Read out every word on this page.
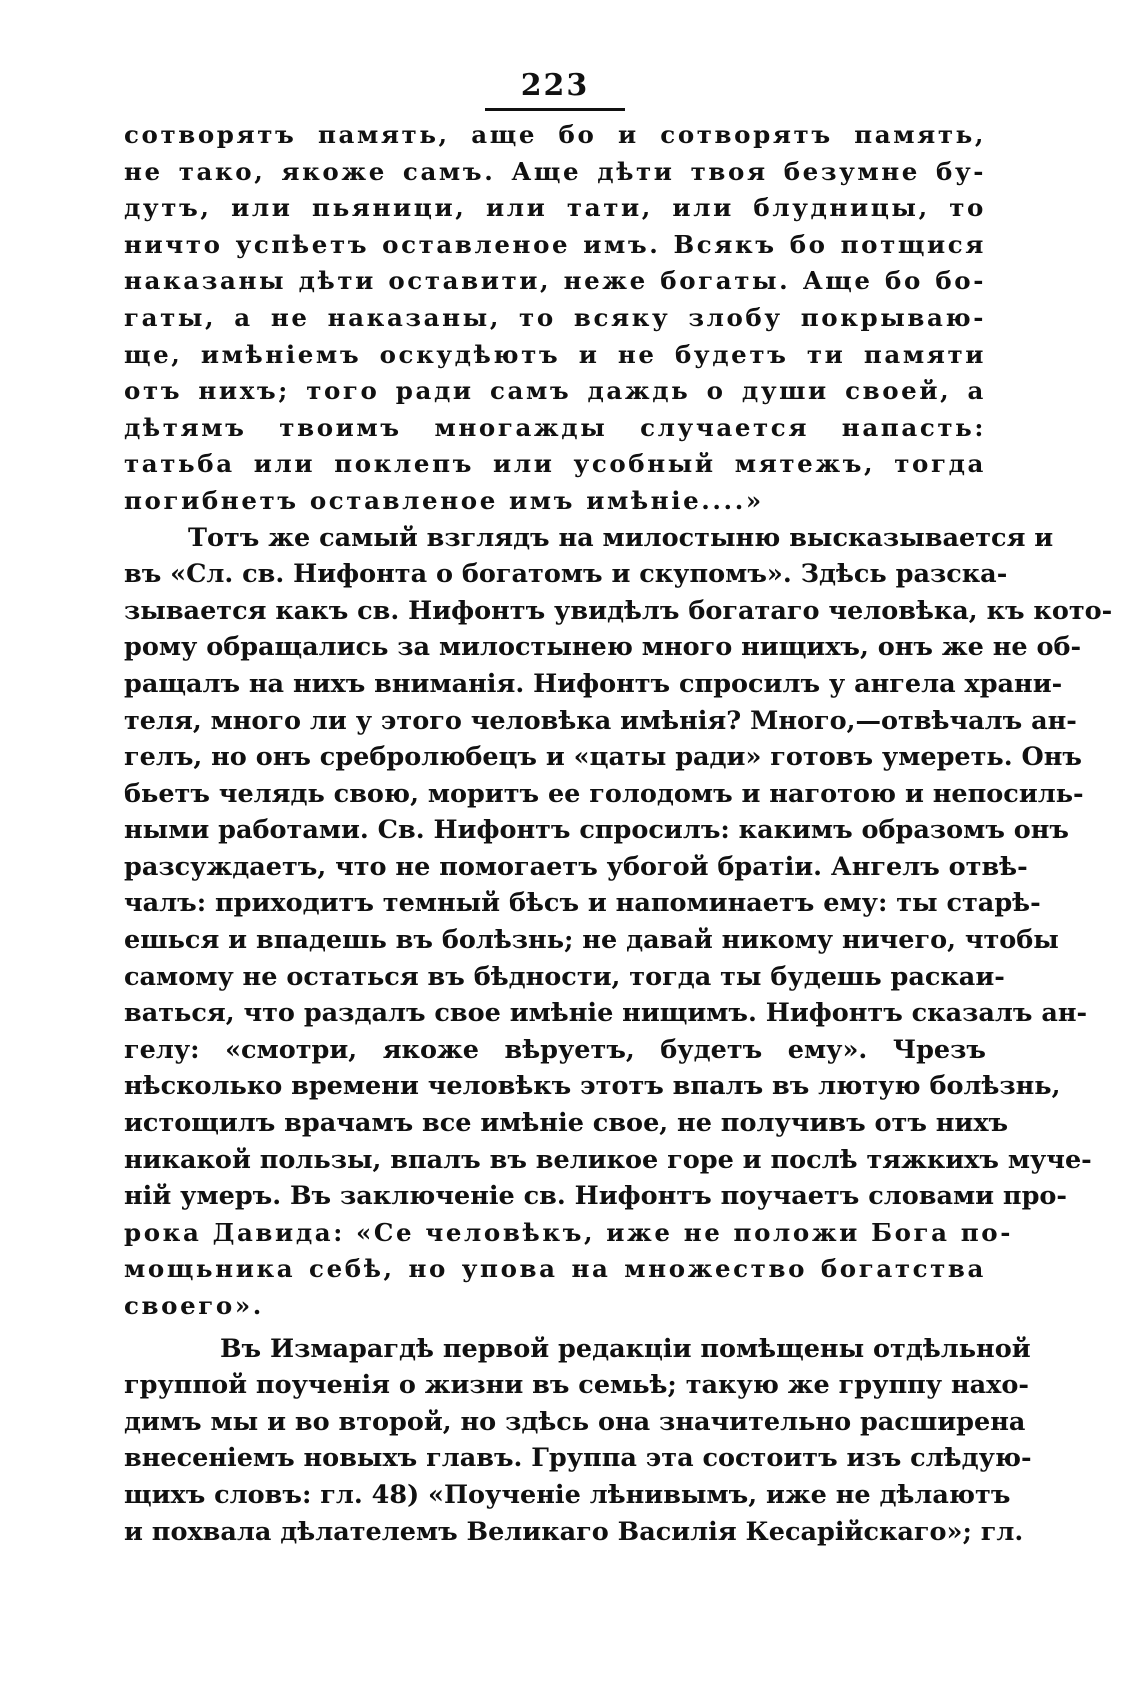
223
сотворятъ память, аще бо и сотворятъ память,
не тако, якоже самъ. Аще дѣти твоя безумне бу-
дутъ, или пьяници, или тати, или блудницы, то
ничто успѣетъ оставленое имъ. Всякъ бо потщися
наказаны дѣти оставити, неже богаты. Аще бо бо-
гаты, а не наказаны, то всяку злобу покрываю-
ще, имѣніемъ оскудѣютъ и не будетъ ти памяти
отъ нихъ; того ради самъ даждь о души своей, а
дѣтямъ твоимъ многажды случается напасть:
татьба или поклепъ или усобный мятежъ, тогда
погибнетъ оставленое имъ имѣніе....»
Тотъ же самый взглядъ на милостыню высказывается и
въ «Сл. св. Нифонта о богатомъ и скупомъ». Здѣсь разска-
зывается какъ св. Нифонтъ увидѣлъ богатаго человѣка, къ кото-
рому обращались за милостынею много нищихъ, онъ же не об-
ращалъ на нихъ вниманія. Нифонтъ спросилъ у ангела храни-
теля, много ли у этого человѣка имѣнія? Много,—отвѣчалъ ан-
гелъ, но онъ сребролюбецъ и «цаты ради» готовъ умереть. Онъ
бьетъ челядь свою, моритъ ее голодомъ и наготою и непосиль-
ными работами. Св. Нифонтъ спросилъ: какимъ образомъ онъ
разсуждаетъ, что не помогаетъ убогой братіи. Ангелъ отвѣ-
чалъ: приходитъ темный бѣсъ и напоминаетъ ему: ты старѣ-
ешься и впадешь въ болѣзнь; не давай никому ничего, чтобы
самому не остаться въ бѣдности, тогда ты будешь раскаи-
ваться, что раздалъ свое имѣніе нищимъ. Нифонтъ сказалъ ан-
гелу: «смотри, якоже вѣруетъ, будетъ ему». Чрезъ
нѣсколько времени человѣкъ этотъ впалъ въ лютую болѣзнь,
истощилъ врачамъ все имѣніе свое, не получивъ отъ нихъ
никакой пользы, впалъ въ великое горе и послѣ тяжкихъ муче-
ній умеръ. Въ заключеніе св. Нифонтъ поучаетъ словами про-
рока Давида: «Се человѣкъ, иже не положи Бога по-
мощьника себѣ, но упова на множество богатства
своего».
Въ Измарагдѣ первой редакціи помѣщены отдѣльной
группой поученія о жизни въ семьѣ; такую же группу нахо-
димъ мы и во второй, но здѣсь она значительно расширена
внесеніемъ новыхъ главъ. Группа эта состоитъ изъ слѣдую-
щихъ словъ: гл. 48) «Поученіе лѣнивымъ, иже не дѣлаютъ
и похвала дѣлателемъ Великаго Василія Кесарійскаго»; гл.
